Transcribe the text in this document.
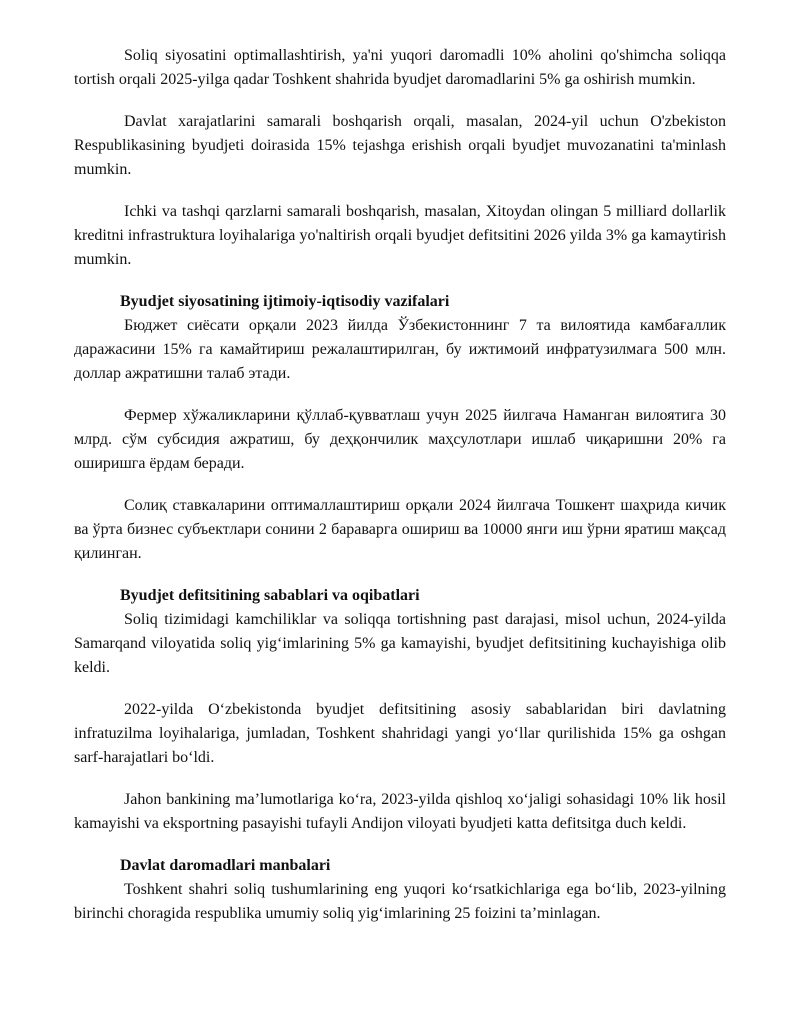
Soliq siyosatini optimallashtirish, ya'ni yuqori daromadli 10% aholini qo'shimcha soliqqa tortish orqali 2025-yilga qadar Toshkent shahrida byudjet daromadlarini 5% ga oshirish mumkin.

Davlat xarajatlarini samarali boshqarish orqali, masalan, 2024-yil uchun O'zbekiston Respublikasining byudjeti doirasida 15% tejashga erishish orqali byudjet muvozanatini ta'minlash mumkin.

Ichki va tashqi qarzlarni samarali boshqarish, masalan, Xitoydan olingan 5 milliard dollarlik kreditni infrastruktura loyihalariga yo'naltirish orqali byudjet defitsitini 2026 yilda 3% ga kamaytirish mumkin.

Byudjet siyosatining ijtimoiy-iqtisodiy vazifalari

Бюджет сиёсати орқали 2023 йилда Ўзбекистоннинг 7 та вилоятида камбағаллик даражасини 15% га камайтириш режалаштирилган, бу ижтимоий инфратузилмага 500 млн. доллар ажратишни талаб этади.

Фермер хўжаликларини қўллаб-қувватлаш учун 2025 йилгача Наманган вилоятига 30 млрд. сўм субсидия ажратиш, бу деҳқончилик маҳсулотлари ишлаб чиқаришни 20% га оширишга ёрдам беради.

Солиқ ставкаларини оптималлаштириш орқали 2024 йилгача Тошкент шаҳрида кичик ва ўрта бизнес субъектлари сонини 2 бараварга ошириш ва 10000 янги иш ўрни яратиш мақсад қилинган.

Byudjet defitsitining sabablari va oqibatlari

Soliq tizimidagi kamchiliklar va soliqqa tortishning past darajasi, misol uchun, 2024-yilda Samarqand viloyatida soliq yig‘imlarining 5% ga kamayishi, byudjet defitsitining kuchayishiga olib keldi.

2022-yilda O‘zbekistonda byudjet defitsitining asosiy sabablaridan biri davlatning infratuzilma loyihalariga, jumladan, Toshkent shahridagi yangi yo‘llar qurilishida 15% ga oshgan sarf-harajatlari bo‘ldi.

Jahon bankining ma’lumotlariga ko‘ra, 2023-yilda qishloq xo‘jaligi sohasidagi 10% lik hosil kamayishi va eksportning pasayishi tufayli Andijon viloyati byudjeti katta defitsitga duch keldi.

Davlat daromadlari manbalari

Toshkent shahri soliq tushumlarining eng yuqori ko‘rsatkichlariga ega bo‘lib, 2023-yilning birinchi choragida respublika umumiy soliq yig‘imlarining 25 foizini ta’minlagan.
